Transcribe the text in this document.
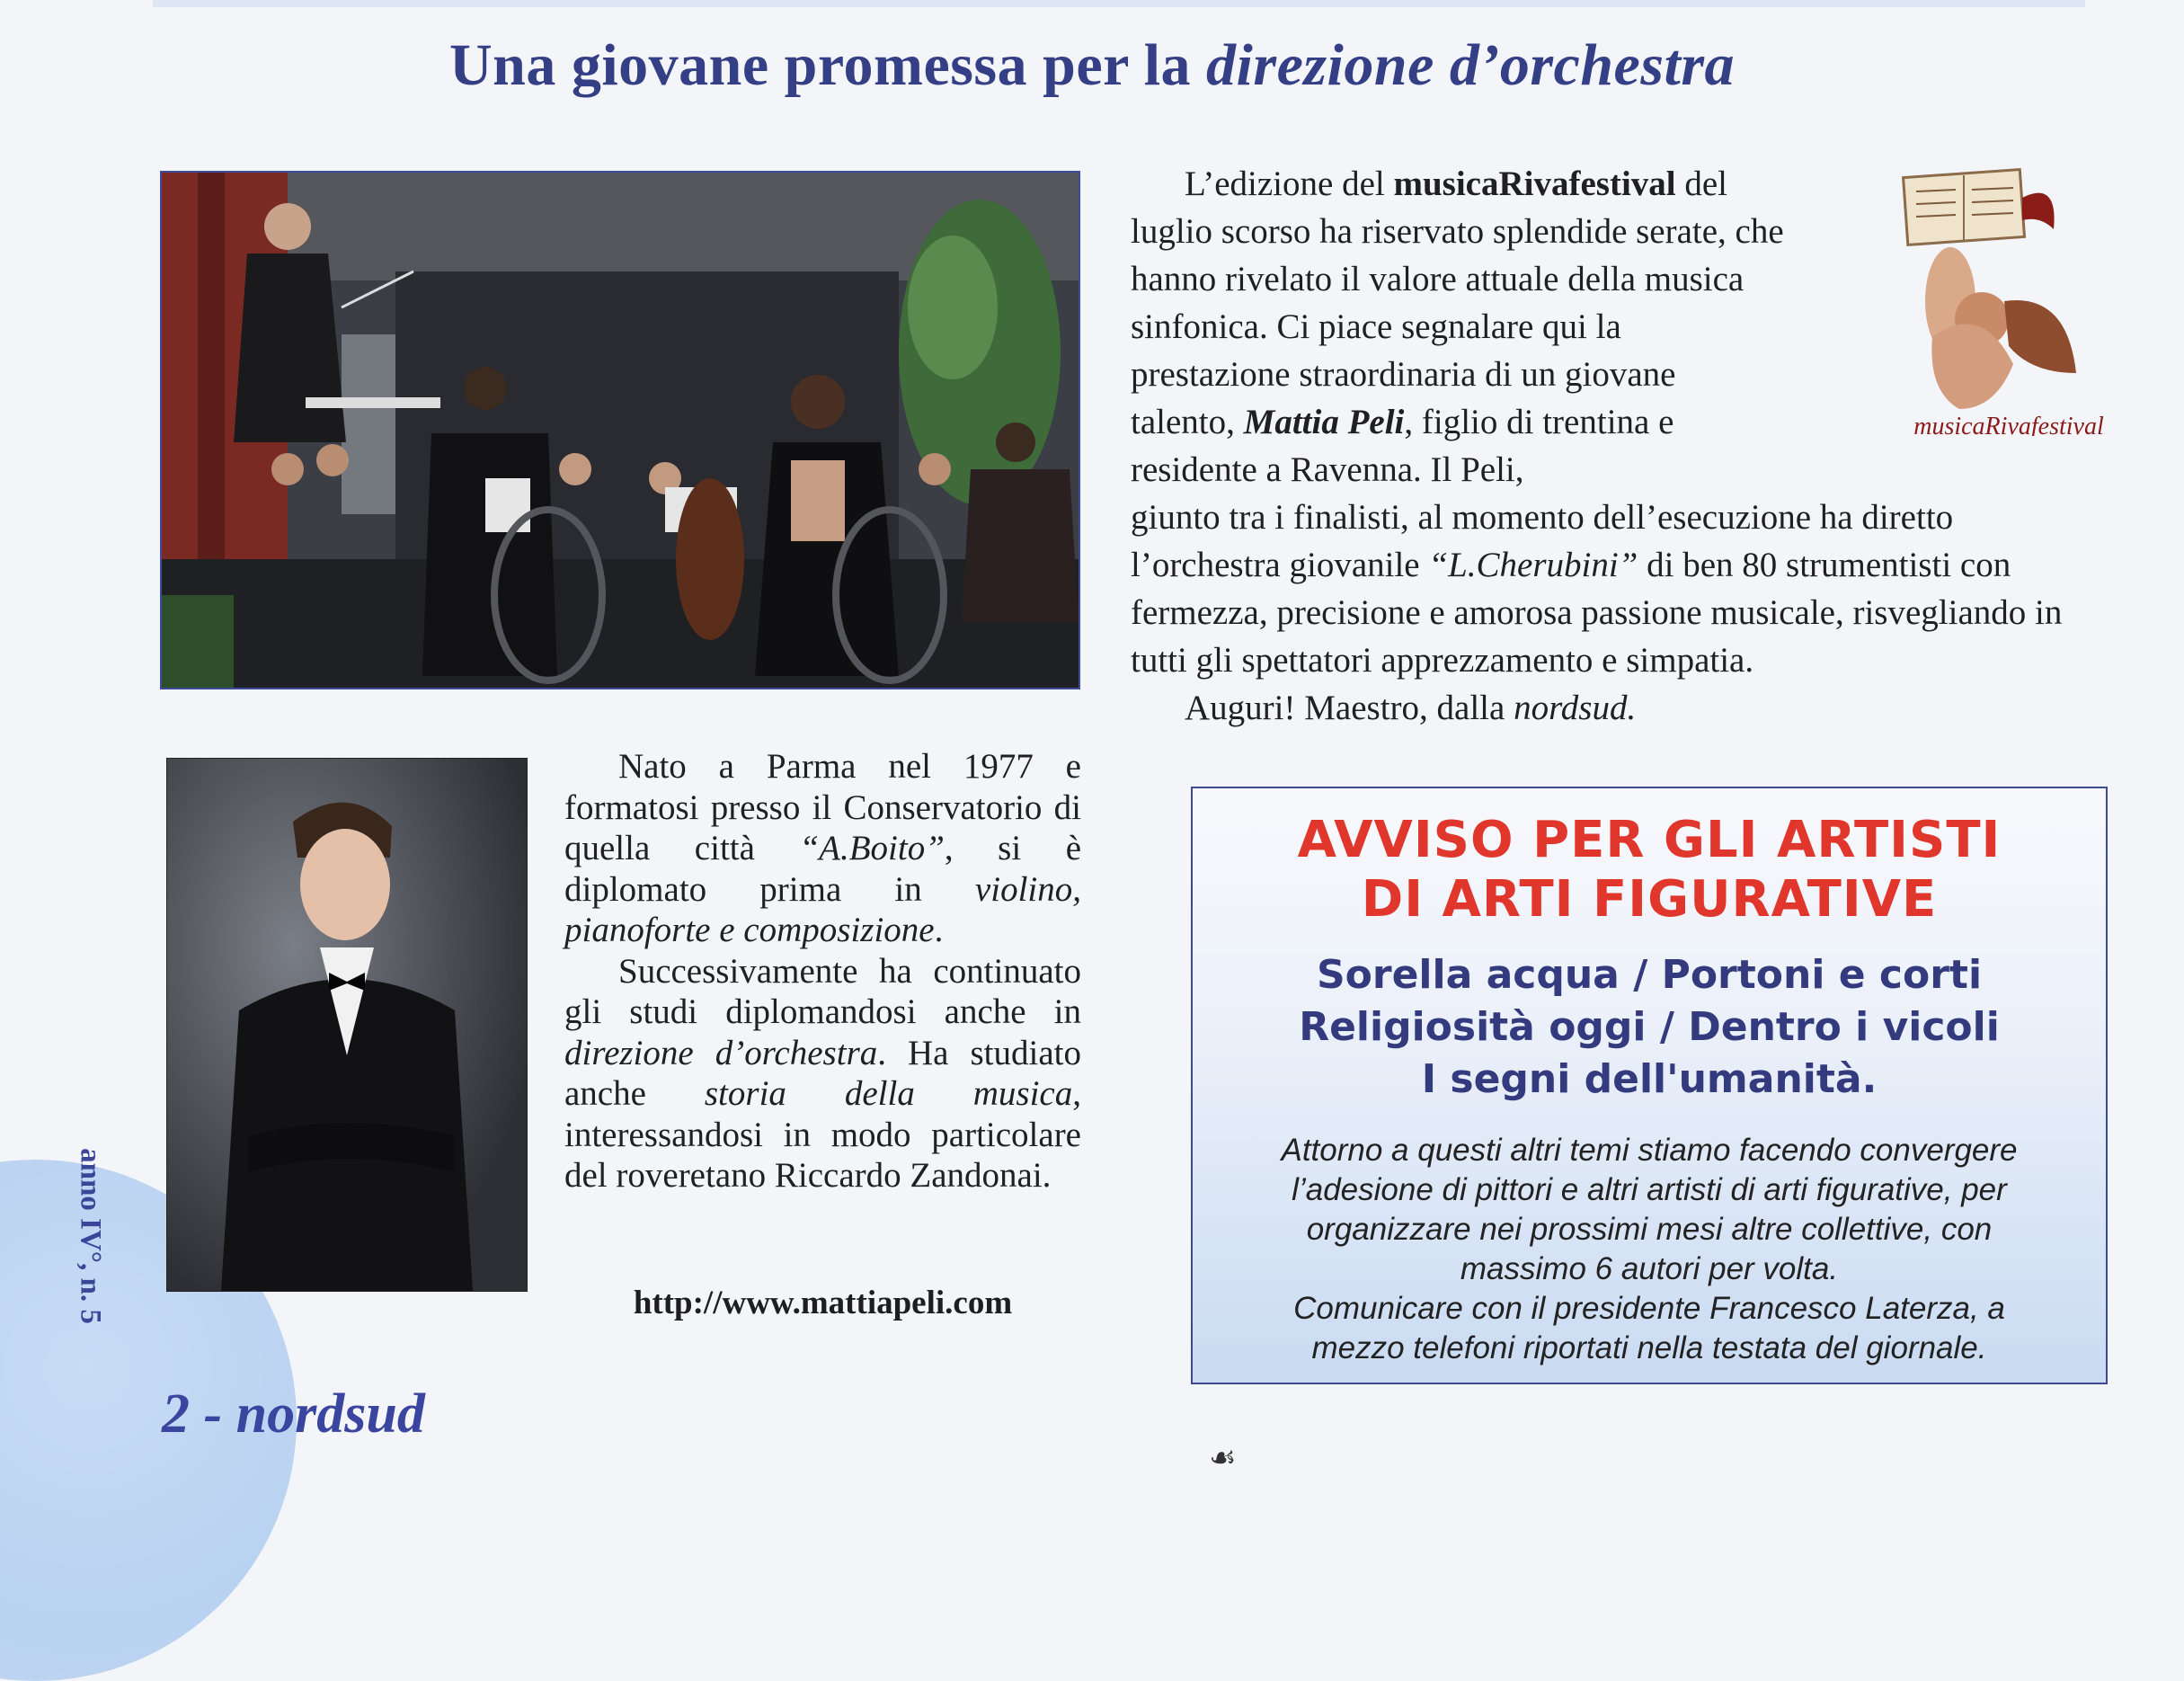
Una giovane promessa per la direzione d’orchestra

L’edizione del musicaRivafestival del luglio scorso ha riservato splendide serate, che hanno rivelato il valore attuale della musica sinfonica. Ci piace segnalare qui la prestazione straordinaria di un giovane talento, Mattia Peli, figlio di trentina e residente a Ravenna. Il Peli,

giunto tra i finalisti, al momento dell’esecuzione ha diretto l’orchestra giovanile “L.Cherubini” di ben 80 strumentisti con fermezza, precisione e amorosa passione musicale, risvegliando in tutti gli spettatori apprezzamento e simpatia.

Auguri! Maestro, dalla nordsud.

musicaRivafestival

Nato a Parma nel 1977 e formatosi presso il Conservatorio di quella città “A.Boito”, si è diplomato prima in violino, pianoforte e composizione.

Successivamente ha continuato gli studi diplomandosi anche in direzione d’orchestra. Ha studiato anche storia della musica, interessandosi in modo particolare del roveretano Riccardo Zandonai.

http://www.mattiapeli.com
AVVISO PER GLI ARTISTI
DI ARTI FIGURATIVE
Sorella acqua / Portoni e corti
Religiosità oggi / Dentro i vicoli
I segni dell'umanità.
Attorno a questi altri temi stiamo facendo convergere
l’adesione di pittori e altri artisti di arti figurative, per
organizzare nei prossimi mesi altre collettive, con
massimo 6 autori per volta.
Comunicare con il presidente Francesco Laterza, a
mezzo telefoni riportati nella testata del giornale.
anno IV°, n. 5
2 - nordsud
☙
